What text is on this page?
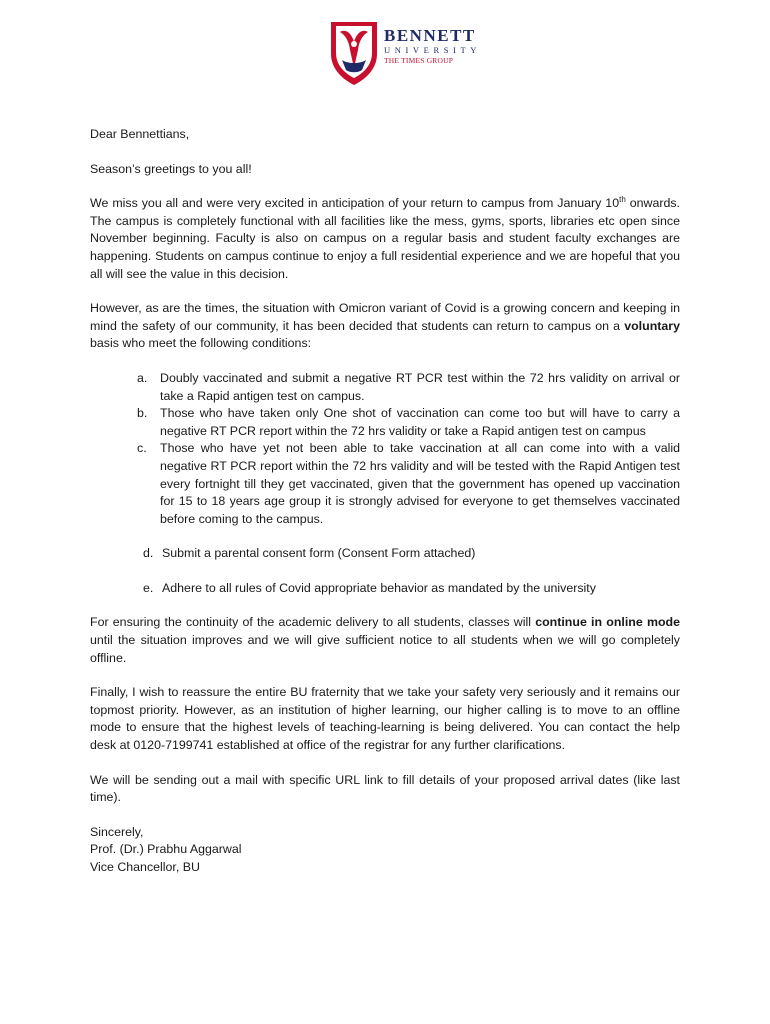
BENNETT
UNIVERSITY
THE TIMES GROUP

Dear Bennettians,

Season’s greetings to you all!

We miss you all and were very excited in anticipation of your return to campus from January 10th onwards. The campus is completely functional with all facilities like the mess, gyms, sports, libraries etc open since November beginning. Faculty is also on campus on a regular basis and student faculty exchanges are happening. Students on campus continue to enjoy a full residential experience and we are hopeful that you all will see the value in this decision.

However, as are the times, the situation with Omicron variant of Covid is a growing concern and keeping in mind the safety of our community, it has been decided that students can return to campus on a voluntary basis who meet the following conditions:

a. Doubly vaccinated and submit a negative RT PCR test within the 72 hrs validity on arrival or take a Rapid antigen test on campus.
b. Those who have taken only One shot of vaccination can come too but will have to carry a negative RT PCR report within the 72 hrs validity or take a Rapid antigen test on campus
c. Those who have yet not been able to take vaccination at all can come into with a valid negative RT PCR report within the 72 hrs validity and will be tested with the Rapid Antigen test every fortnight till they get vaccinated, given that the government has opened up vaccination for 15 to 18 years age group it is strongly advised for everyone to get themselves vaccinated before coming to the campus.
d. Submit a parental consent form (Consent Form attached)
e. Adhere to all rules of Covid appropriate behavior as mandated by the university

For ensuring the continuity of the academic delivery to all students, classes will continue in online mode until the situation improves and we will give sufficient notice to all students when we will go completely offline.

Finally, I wish to reassure the entire BU fraternity that we take your safety very seriously and it remains our topmost priority. However, as an institution of higher learning, our higher calling is to move to an offline mode to ensure that the highest levels of teaching-learning is being delivered. You can contact the help desk at 0120-7199741 established at office of the registrar for any further clarifications.

We will be sending out a mail with specific URL link to fill details of your proposed arrival dates (like last time).

Sincerely,

Prof. (Dr.) Prabhu Aggarwal

Vice Chancellor, BU
